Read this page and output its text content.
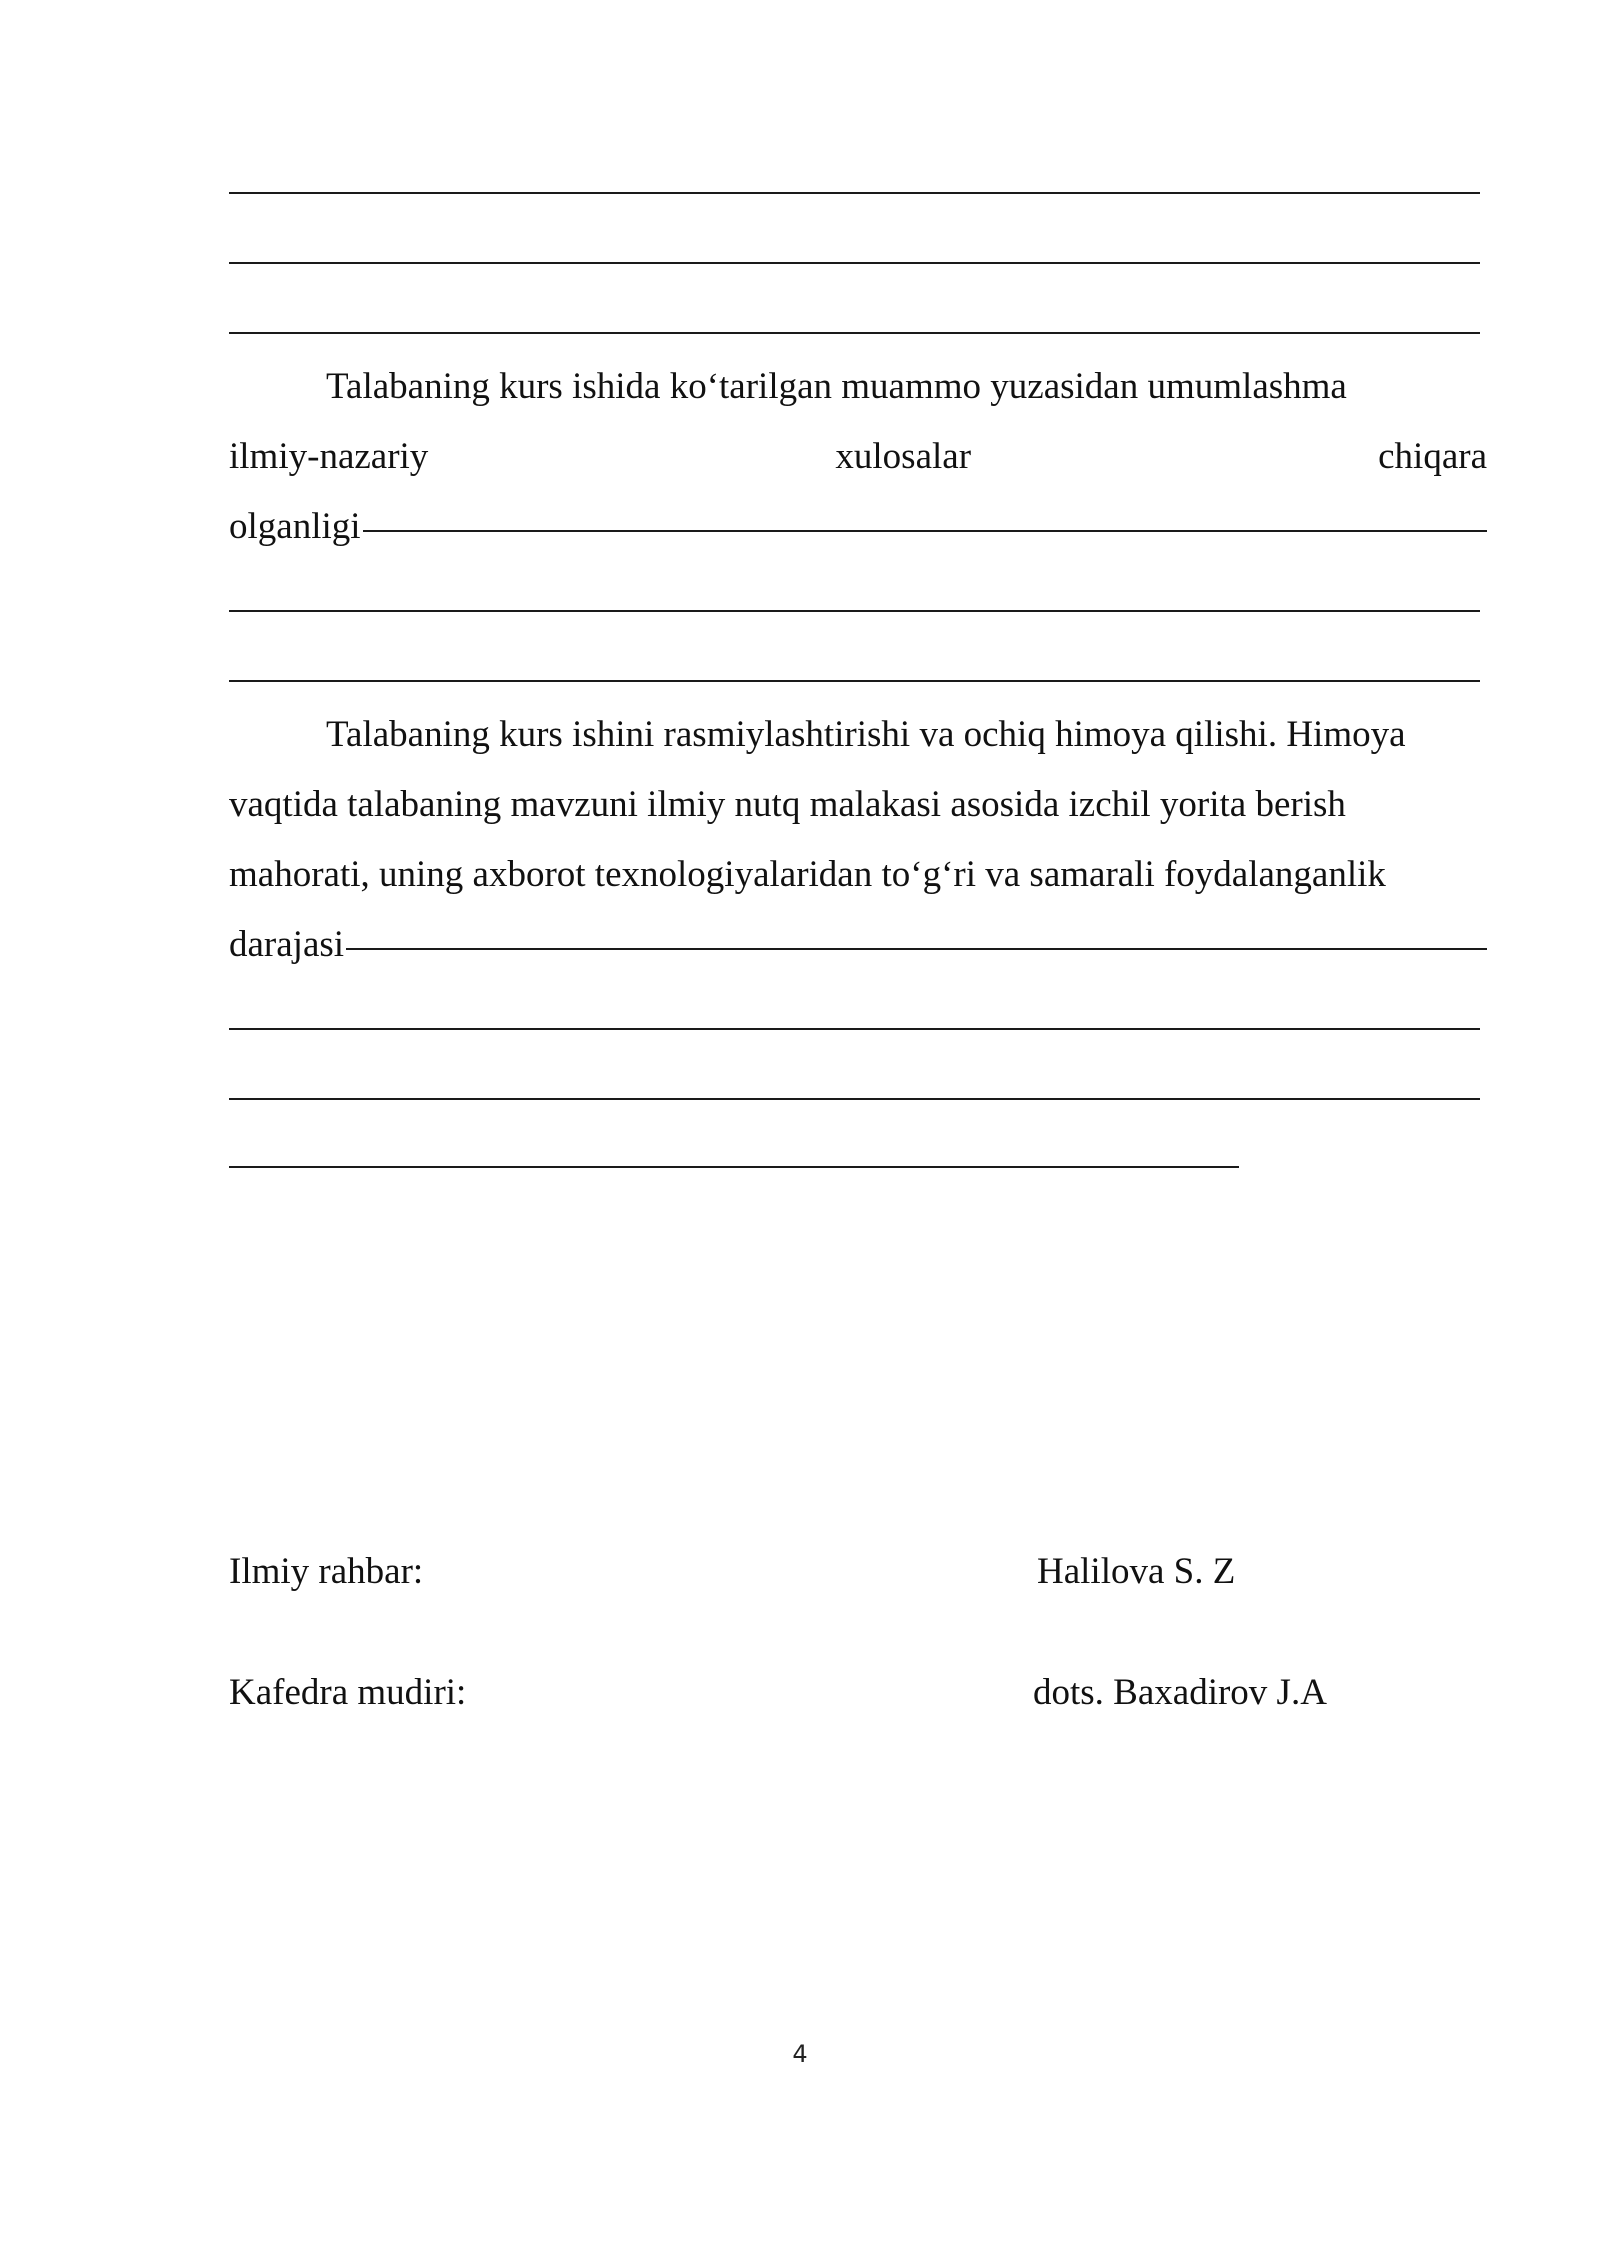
Talabaning kurs ishida ko‘tarilgan muammo yuzasidan umumlashma
ilmiy-nazariy	xulosalar	chiqara
olganligi
Talabaning kurs ishini rasmiylashtirishi va ochiq himoya qilishi. Himoya
vaqtida talabaning mavzuni ilmiy nutq malakasi asosida izchil yorita berish
mahorati, uning axborot texnologiyalaridan to‘g‘ri va samarali foydalanganlik
darajasi
Ilmiy rahbar:	Halilova S. Z
Kafedra mudiri:	dots. Baxadirov J.A
4
